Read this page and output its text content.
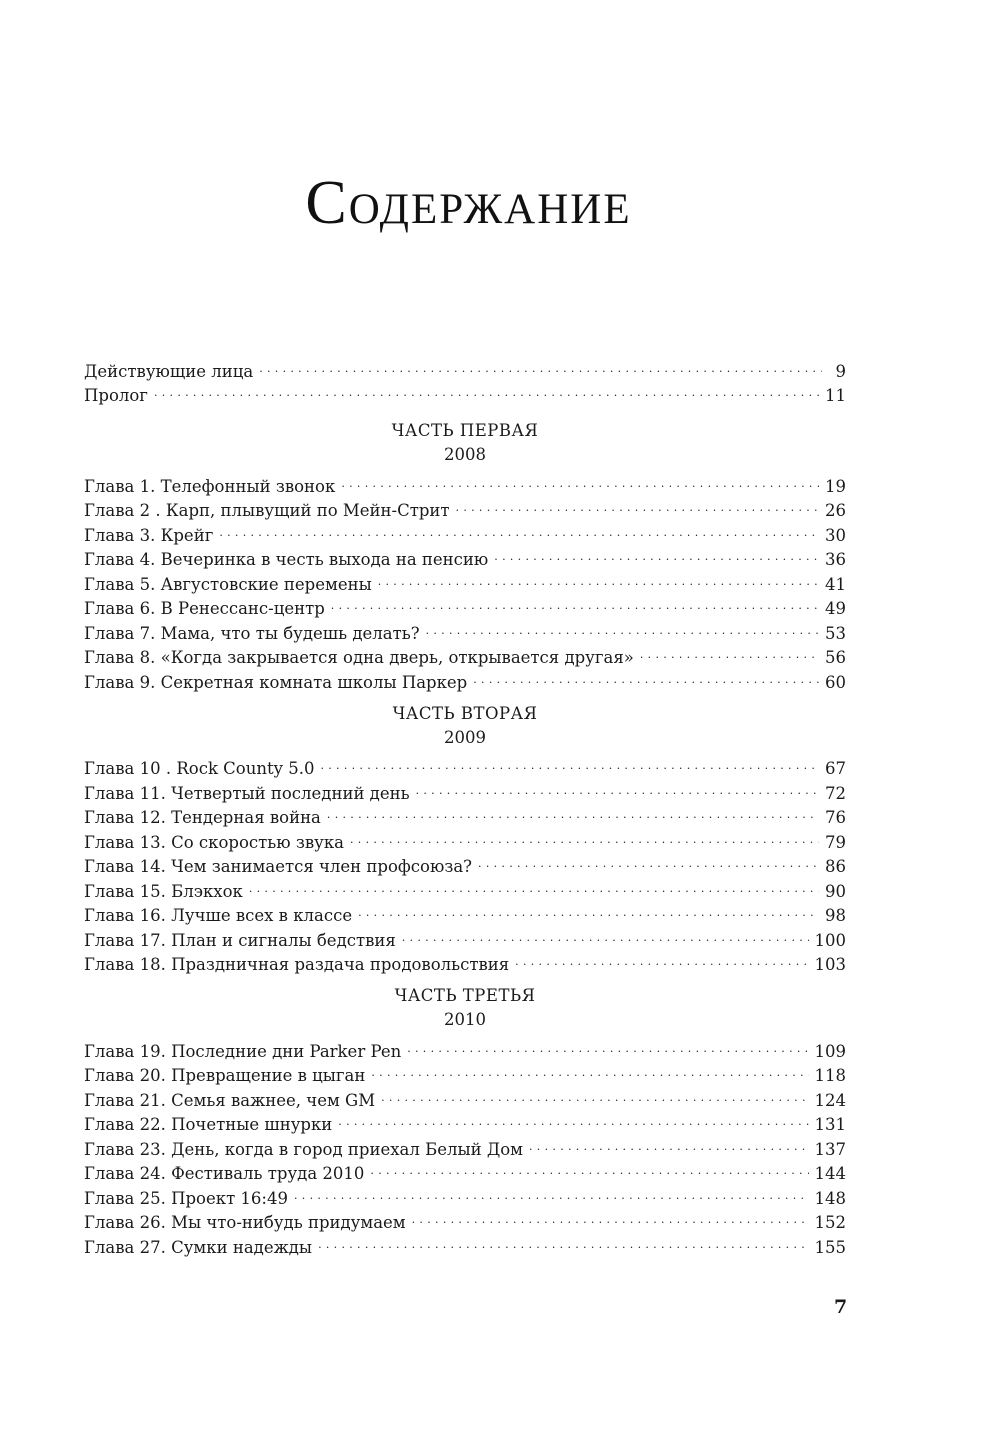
Содержание
Действующие лица . . .	9
Пролог . . .	11
ЧАСТЬ ПЕРВАЯ
2008
Глава 1. Телефонный звонок . . .	19
Глава 2 . Карп, плывущий по Мейн-Стрит . . .	26
Глава 3. Крейг . . .	30
Глава 4. Вечеринка в честь выхода на пенсию . . .	36
Глава 5. Августовские перемены . . .	41
Глава 6. В Ренессанс-центр . . .	49
Глава 7. Мама, что ты будешь делать? . . .	53
Глава 8. «Когда закрывается одна дверь, открывается другая» . . .	56
Глава 9. Секретная комната школы Паркер . . .	60
ЧАСТЬ ВТОРАЯ
2009
Глава 10 . Rock County 5.0 . . .	67
Глава 11. Четвертый последний день . . .	72
Глава 12. Тендерная война . . .	76
Глава 13. Со скоростью звука . . .	79
Глава 14. Чем занимается член профсоюза? . . .	86
Глава 15. Блэкхок . . .	90
Глава 16. Лучше всех в классе . . .	98
Глава 17. План и сигналы бедствия . . .	100
Глава 18. Праздничная раздача продовольствия . . .	103
ЧАСТЬ ТРЕТЬЯ
2010
Глава 19. Последние дни Parker Pen . . .	109
Глава 20. Превращение в цыган . . .	118
Глава 21. Семья важнее, чем GM . . .	124
Глава 22. Почетные шнурки . . .	131
Глава 23. День, когда в город приехал Белый Дом . . .	137
Глава 24. Фестиваль труда 2010 . . .	144
Глава 25. Проект 16:49 . . .	148
Глава 26. Мы что-нибудь придумаем . . .	152
Глава 27. Сумки надежды . . .	155
7
